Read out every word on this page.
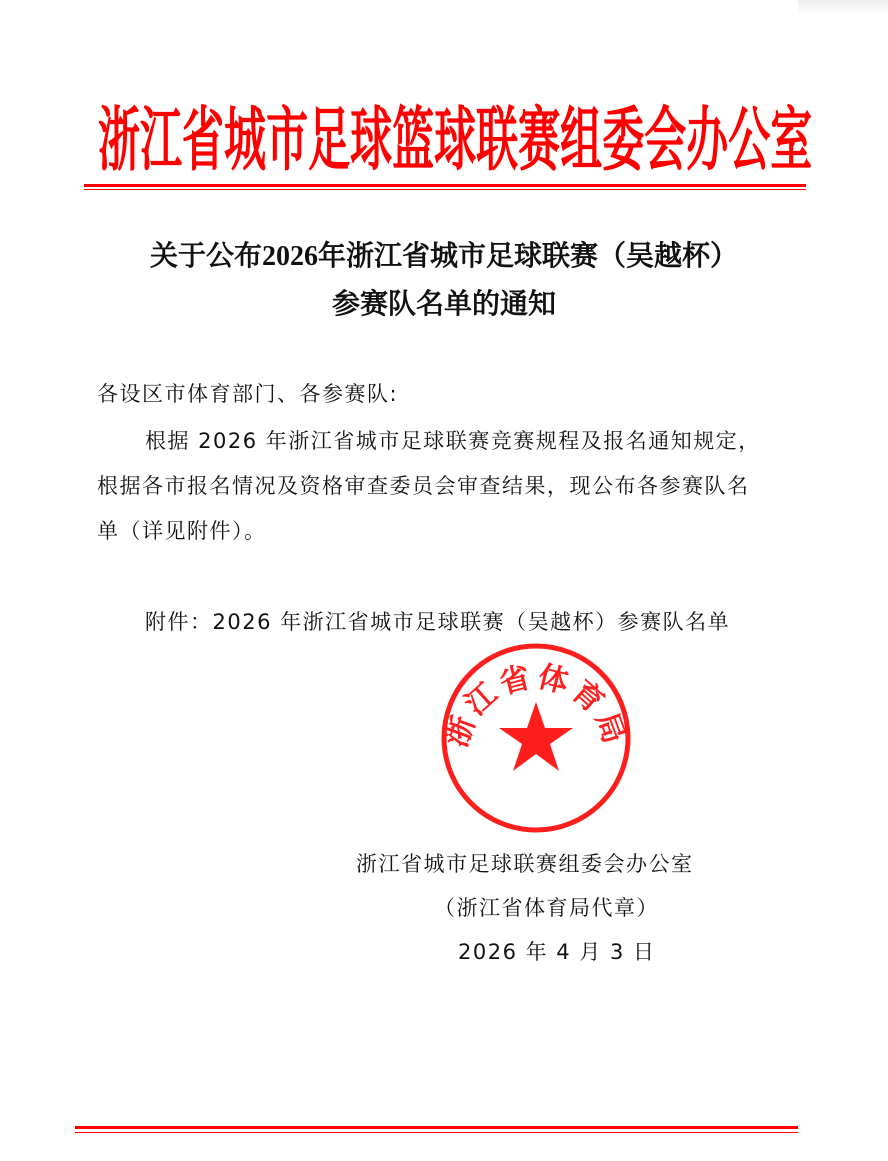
浙 江 省 城 市 足 球 篮 球 联 赛 组 委 会 办 公 室
关于公布2026年浙江省城市足球联赛（吴越杯）
参赛队名单的通知
各设区市体育部门、各参赛队:
根据 2026 年浙江省城市足球联赛竞赛规程及报名通知规定，
根据各市报名情况及资格审查委员会审查结果，现公布各参赛队名
单（详见附件）。
附件：2026 年浙江省城市足球联赛（吴越杯）参赛队名单
浙江省体育局
浙江省城市足球联赛组委会办公室
（浙江省体育局代章）
2026 年 4 月 3 日
